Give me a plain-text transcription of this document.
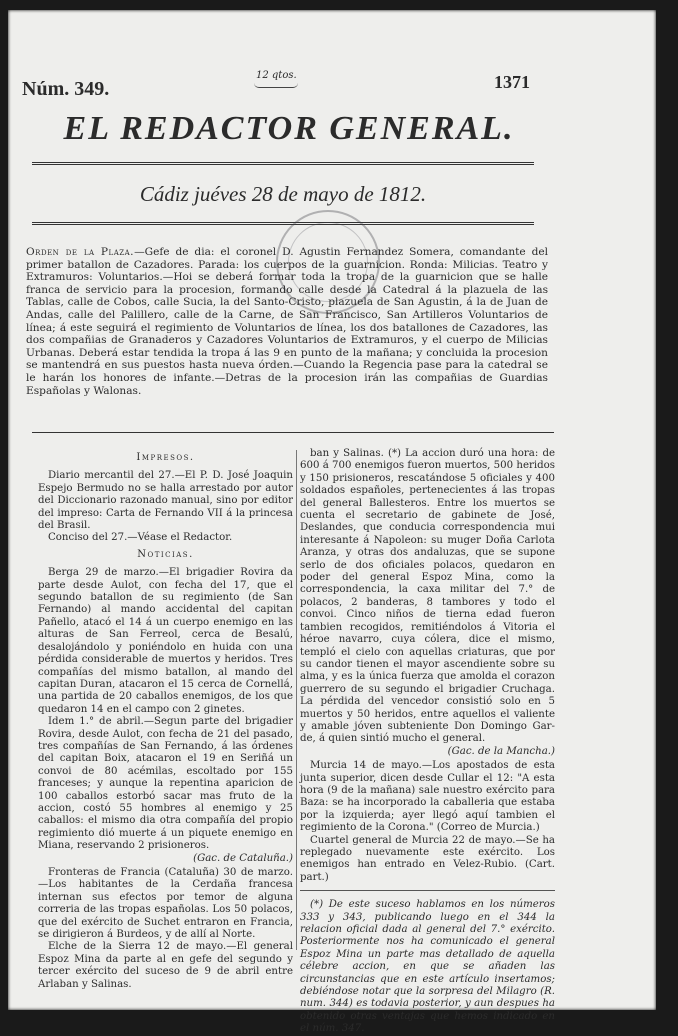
Núm. 349.
12 qtos.	1371
EL REDACTOR GENERAL.
Cádiz juéves 28 de mayo de 1812.
Orden de la Plaza.—Gefe de dia: el coronel D. Agustin Fernandez Somera, comandante del primer batallon de Cazadores. Parada: los cuerpos de la guarnicion. Ronda: Milicias. Teatro y Extramuros: Voluntarios.—Hoi se deberá formar toda la tropa de la guarnicion que se halle franca de servicio para la procesion, formando calle desde la Catedral á la plazuela de las Tablas, calle de Cobos, calle Sucia, la del Santo-Cristo, plazuela de San Agustin, á la de Juan de Andas, calle del Palillero, calle de la Carne, de San Francisco, San Artilleros Voluntarios de línea; á este seguirá el regimiento de Voluntarios de línea, los dos batallones de Cazadores, las dos compañias de Granaderos y Cazadores Voluntarios de Extramuros, y el cuerpo de Milicias Urbanas. Deberá estar tendida la tropa á las 9 en punto de la mañana; y concluida la procesion se mantendrá en sus puestos hasta nueva órden.—Cuando la Regencia pase para la catedral se le harán los honores de infante.—Detras de la procesion irán las compañias de Guardias Españolas y Walonas.

Impresos.

Diario mercantil del 27.—El P. D. José Joaquin Espejo Bermudo no se halla arrestado por autor del Diccionario razonado manual, sino por editor del impreso: Carta de Fernando VII á la princesa del Brasil.

Conciso del 27.—Véase el Redactor.

Noticias.

Berga 29 de marzo.—El brigadier Rovira da parte desde Aulot, con fecha del 17, que el segundo batallon de su regimiento (de San Fernando) al mando accidental del capitan Pañello, atacó el 14 á un cuerpo enemigo en las alturas de San Ferreol, cerca de Besalú, desalojándolo y poniéndolo en huida con una pérdida considerable de muertos y heridos. Tres compañías del mismo batallon, al mando del capitan Duran, atacaron el 15 cerca de Cornellá, una partida de 20 caballos enemigos, de los que quedaron 14 en el campo con 2 ginetes.

Idem 1.° de abril.—Segun parte del brigadier Rovira, desde Aulot, con fecha de 21 del pasado, tres compañías de San Fernando, á las órdenes del capitan Boix, atacaron el 19 en Seriñá un convoi de 80 acémilas, escoltado por 155 franceses; y aunque la repentina aparicion de 100 caballos estorbó sacar mas fruto de la accion, costó 55 hombres al enemigo y 25 caballos: el mismo dia otra compañía del propio regimiento dió muerte á un piquete enemigo en Miana, reservando 2 prisioneros.

(Gac. de Cataluña.)

Fronteras de Francia (Cataluña) 30 de marzo.—Los habitantes de la Cerdaña francesa internan sus efectos por temor de alguna correria de las tropas españolas. Los 50 polacos, que del exército de Suchet entraron en Francia, se dirigieron á Burdeos, y de allí al Norte.

Elche de la Sierra 12 de mayo.—El general Espoz Mina da parte al en gefe del segundo y tercer exército del suceso de 9 de abril entre Arlaban y Salinas.

ban y Salinas. (*) La accion duró una hora: de 600 á 700 enemigos fueron muertos, 500 heridos y 150 prisioneros, rescatándose 5 oficiales y 400 soldados españoles, pertenecientes á las tropas del general Ballesteros. Entre los muertos se cuenta el secretario de gabinete de José, Deslandes, que conducia correspondencia mui interesante á Napoleon: su muger Doña Carlota Aranza, y otras dos andaluzas, que se supone serlo de dos oficiales polacos, quedaron en poder del general Espoz Mina, como la correspondencia, la caxa militar del 7.° de polacos, 2 banderas, 8 tambores y todo el convoi. Cinco niños de tierna edad fueron tambien recogidos, remitiéndolos á Vitoria el héroe navarro, cuya cólera, dice el mismo, templó el cielo con aquellas criaturas, que por su candor tienen el mayor ascendiente sobre su alma, y es la única fuerza que amolda el corazon guerrero de su segundo el brigadier Cruchaga. La pérdida del vencedor consistió solo en 5 muertos y 50 heridos, entre aquellos el valiente y amable jóven subteniente Don Domingo Gar-de, á quien sintió mucho el general.

(Gac. de la Mancha.)

Murcia 14 de mayo.—Los apostados de esta junta superior, dicen desde Cullar el 12: "A esta hora (9 de la mañana) sale nuestro exército para Baza: se ha incorporado la caballeria que estaba por la izquierda; ayer llegó aquí tambien el regimiento de la Corona." (Correo de Murcia.)

Cuartel general de Murcia 22 de mayo.—Se ha replegado nuevamente este exército. Los enemigos han entrado en Velez-Rubio. (Cart. part.)

(*) De este suceso hablamos en los números 333 y 343, publicando luego en el 344 la relacion oficial dada al general del 7.° exército. Posteriormente nos ha comunicado el general Espoz Mina un parte mas detallado de aquella célebre accion, en que se añaden las circunstancias que en este artículo insertamos; debiéndose notar que la sorpresa del Milagro (R. num. 344) es todavia posterior, y aun despues ha obtenido otras ventajas que hemos indicado en el núm. 347.
